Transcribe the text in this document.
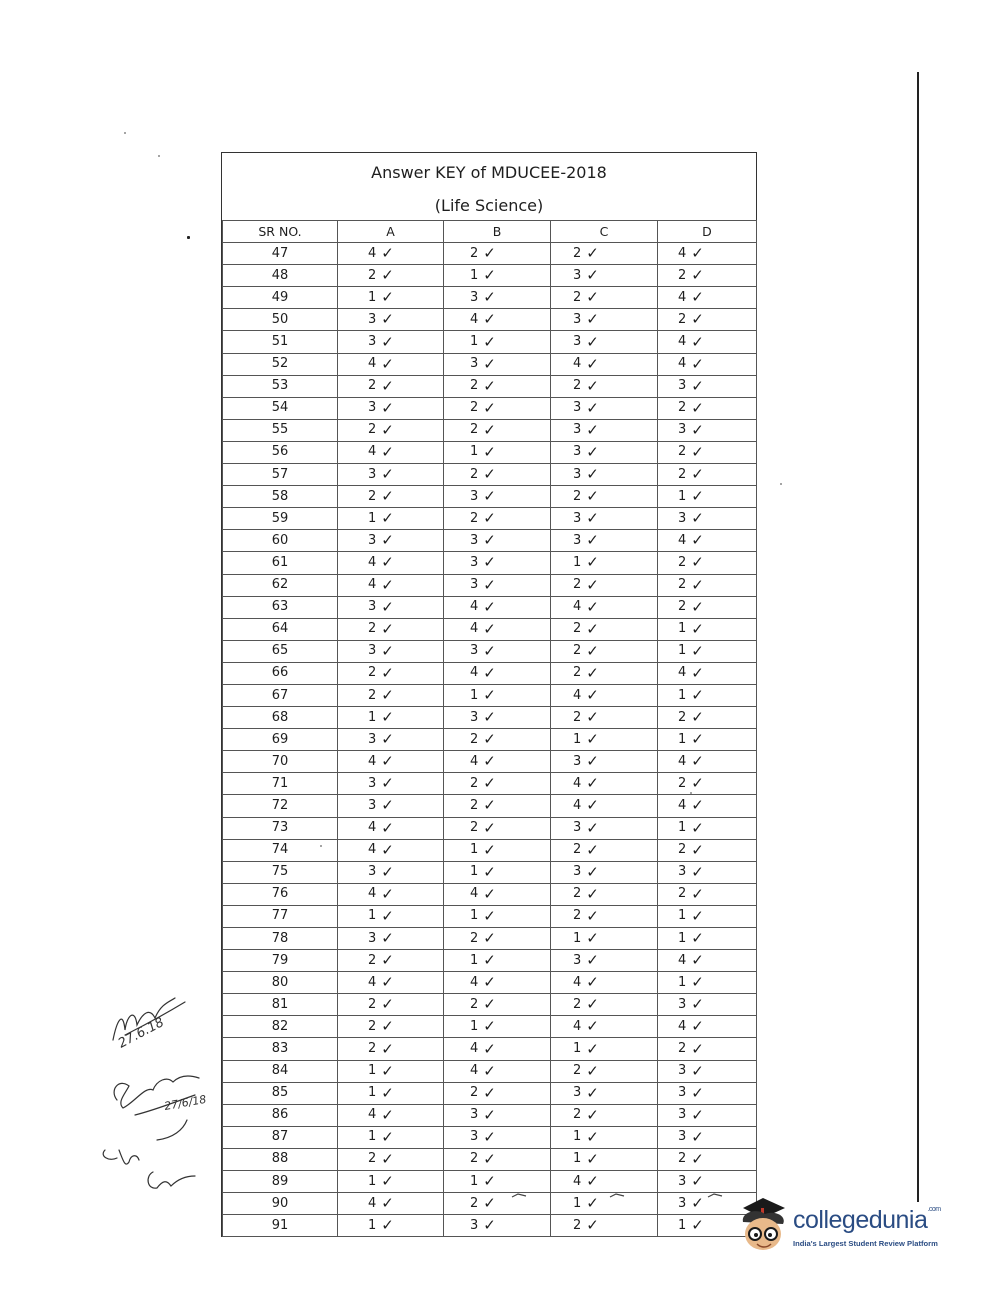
Answer KEY of MDUCEE-2018
(Life Science)
SR NO.	A	B	C	D
47	4 ✓	2 ✓	2 ✓	4 ✓
48	2 ✓	1 ✓	3 ✓	2 ✓
49	1 ✓	3 ✓	2 ✓	4 ✓
50	3 ✓	4 ✓	3 ✓	2 ✓
51	3 ✓	1 ✓	3 ✓	4 ✓
52	4 ✓	3 ✓	4 ✓	4 ✓
53	2 ✓	2 ✓	2 ✓	3 ✓
54	3 ✓	2 ✓	3 ✓	2 ✓
55	2 ✓	2 ✓	3 ✓	3 ✓
56	4 ✓	1 ✓	3 ✓	2 ✓
57	3 ✓	2 ✓	3 ✓	2 ✓
58	2 ✓	3 ✓	2 ✓	1 ✓
59	1 ✓	2 ✓	3 ✓	3 ✓
60	3 ✓	3 ✓	3 ✓	4 ✓
61	4 ✓	3 ✓	1 ✓	2 ✓
62	4 ✓	3 ✓	2 ✓	2 ✓
63	3 ✓	4 ✓	4 ✓	2 ✓
64	2 ✓	4 ✓	2 ✓	1 ✓
65	3 ✓	3 ✓	2 ✓	1 ✓
66	2 ✓	4 ✓	2 ✓	4 ✓
67	2 ✓	1 ✓	4 ✓	1 ✓
68	1 ✓	3 ✓	2 ✓	2 ✓
69	3 ✓	2 ✓	1 ✓	1 ✓
70	4 ✓	4 ✓	3 ✓	4 ✓
71	3 ✓	2 ✓	4 ✓	2 ✓
72	3 ✓	2 ✓	4 ✓	4 ✓
73	4 ✓	2 ✓	3 ✓	1 ✓
74	4 ✓	1 ✓	2 ✓	2 ✓
75	3 ✓	1 ✓	3 ✓	3 ✓
76	4 ✓	4 ✓	2 ✓	2 ✓
77	1 ✓	1 ✓	2 ✓	1 ✓
78	3 ✓	2 ✓	1 ✓	1 ✓
79	2 ✓	1 ✓	3 ✓	4 ✓
80	4 ✓	4 ✓	4 ✓	1 ✓
81	2 ✓	2 ✓	2 ✓	3 ✓
82	2 ✓	1 ✓	4 ✓	4 ✓
83	2 ✓	4 ✓	1 ✓	2 ✓
84	1 ✓	4 ✓	2 ✓	3 ✓
85	1 ✓	2 ✓	3 ✓	3 ✓
86	4 ✓	3 ✓	2 ✓	3 ✓
87	1 ✓	3 ✓	1 ✓	3 ✓
88	2 ✓	2 ✓	1 ✓	2 ✓
89	1 ✓	1 ✓	4 ✓	3 ✓
90	4 ✓	2 ✓	1 ✓	3 ✓
91	1 ✓	3 ✓	2 ✓	1 ✓
27.6.18
27/6/18
collegedunia$^{.com}$
India's Largest Student Review Platform
